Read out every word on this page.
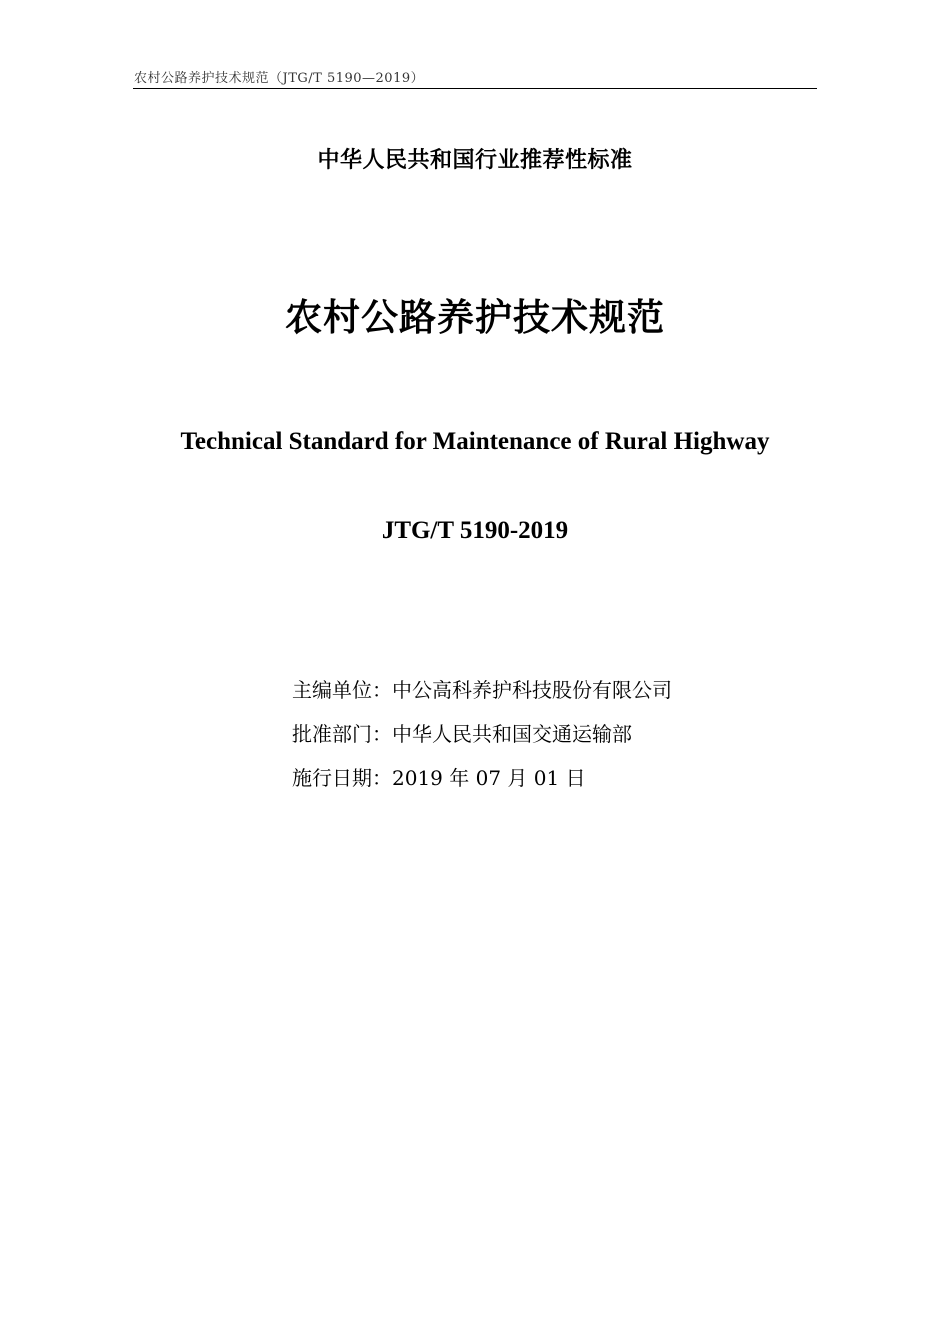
农村公路养护技术规范（JTG/T 5190—2019）
中华人民共和国行业推荐性标准
农村公路养护技术规范
Technical Standard for Maintenance of Rural Highway
JTG/T 5190-2019
主编单位：中公高科养护科技股份有限公司
批准部门：中华人民共和国交通运输部
施行日期：2019 年 07 月 01 日
